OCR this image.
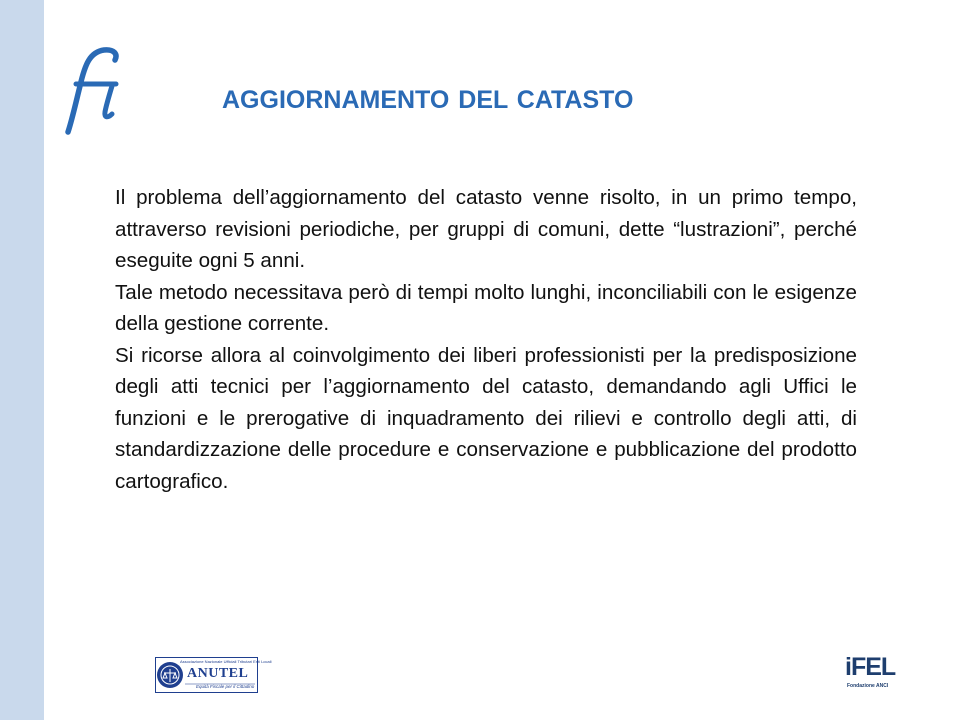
AGGIORNAMENTO DEL CATASTO

Il problema dell’aggiornamento del catasto venne risolto, in un primo tempo, attraverso revisioni periodiche, per gruppi di comuni, dette “lustrazioni”, perché eseguite ogni 5 anni.

Tale metodo necessitava però di tempi molto lunghi, inconciliabili con le esigenze della gestione corrente.

Si ricorse allora al coinvolgimento dei liberi professionisti per la predisposizione degli atti tecnici per l’aggiornamento del catasto, demandando agli Uffici le funzioni e le prerogative di inquadramento dei rilievi e controllo degli atti, di standardizzazione delle procedure e conservazione e pubblicazione del prodotto cartografico.

Associazione Nazionale Ufficiali Tributari Enti Locali
ANUTEL
Equità Fiscale per il Cittadino
iFEL
Fondazione ANCI
